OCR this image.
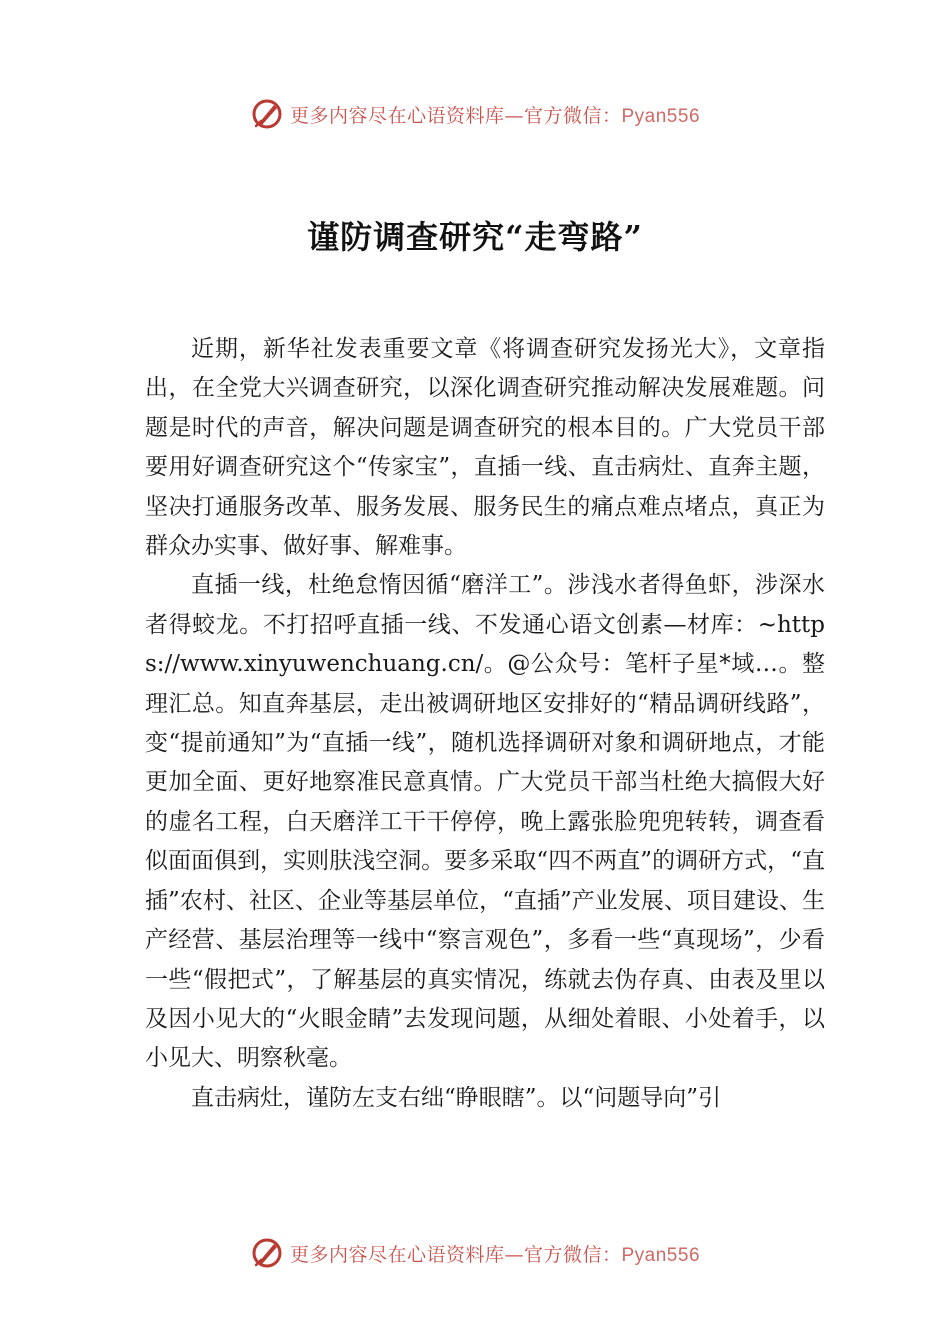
更多内容尽在心语资料库—官方微信：Pyan556
谨防调查研究“走弯路”

近期，新华社发表重要文章《将调查研究发扬光大》，文章指出，在全党大兴调查研究，以深化调查研究推动解决发展难题。问题是时代的声音，解决问题是调查研究的根本目的。广大党员干部要用好调查研究这个“传家宝”，直插一线、直击病灶、直奔主题，坚决打通服务改革、服务发展、服务民生的痛点难点堵点，真正为群众办实事、做好事、解难事。

直插一线，杜绝怠惰因循“磨洋工”。涉浅水者得鱼虾，涉深水者得蛟龙。不打招呼直插一线、不发通心语文创素—材库：~https://www.xinyuwenchuang.cn/。@公众号：笔杆子星*域…。整理汇总。知直奔基层，走出被调研地区安排好的“精品调研线路”，变“提前通知”为“直插一线”，随机选择调研对象和调研地点，才能更加全面、更好地察准民意真情。广大党员干部当杜绝大搞假大好的虚名工程，白天磨洋工干干停停，晚上露张脸兜兜转转，调查看似面面俱到，实则肤浅空洞。要多采取“四不两直”的调研方式，“直插”农村、社区、企业等基层单位，“直插”产业发展、项目建设、生产经营、基层治理等一线中“察言观色”，多看一些“真现场”，少看一些“假把式”，了解基层的真实情况，练就去伪存真、由表及里以及因小见大的“火眼金睛”去发现问题，从细处着眼、小处着手，以小见大、明察秋毫。

直击病灶，谨防左支右绌“睁眼瞎”。以“问题导向”引

更多内容尽在心语资料库—官方微信：Pyan556
